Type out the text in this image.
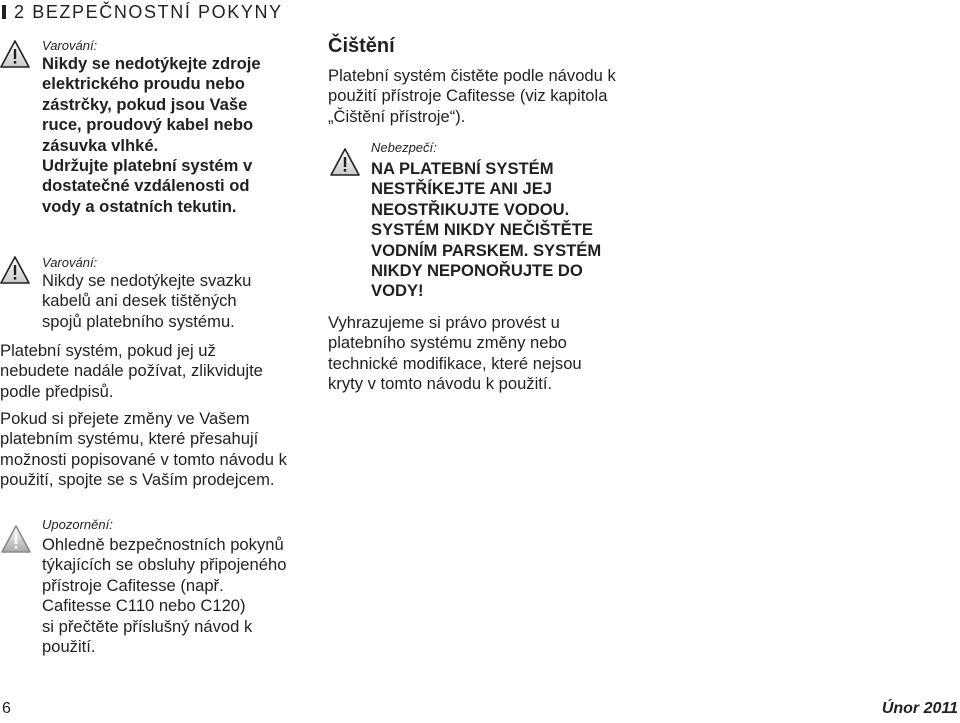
2 BEZPEČNOSTNÍ POKYNY
Varování:
Nikdy se nedotýkejte zdroje
elektrického proudu nebo
zástrčky, pokud jsou Vaše
ruce, proudový kabel nebo
zásuvka vlhké.
Udržujte platební systém v
dostatečné vzdálenosti od
vody a ostatních tekutin.
Varování:
Nikdy se nedotýkejte svazku
kabelů ani desek tištěných
spojů platebního systému.
Platební systém, pokud jej už
nebudete nadále požívat, zlikvidujte
podle předpisů.
Pokud si přejete změny ve Vašem
platebním systému, které přesahují
možnosti popisované v tomto návodu k
použití, spojte se s Vaším prodejcem.
Upozornění:
Ohledně bezpečnostních pokynů
týkajících se obsluhy připojeného
přístroje Cafitesse (např.
Cafitesse C110 nebo C120)
si přečtěte příslušný návod k
použití.
Čištění
Platební systém čistěte podle návodu k
použití přístroje Cafitesse (viz kapitola
„Čištění přístroje“).
Nebezpečí:
NA PLATEBNÍ SYSTÉM
NESTŘÍKEJTE ANI JEJ
NEOSTŘIKUJTE VODOU.
SYSTÉM NIKDY NEČIŠTĚTE
VODNÍM PARSKEM. SYSTÉM
NIKDY NEPONOŘUJTE DO
VODY!
Vyhrazujeme si právo provést u
platebního systému změny nebo
technické modifikace, které nejsou
kryty v tomto návodu k použití.
6	Únor 2011
